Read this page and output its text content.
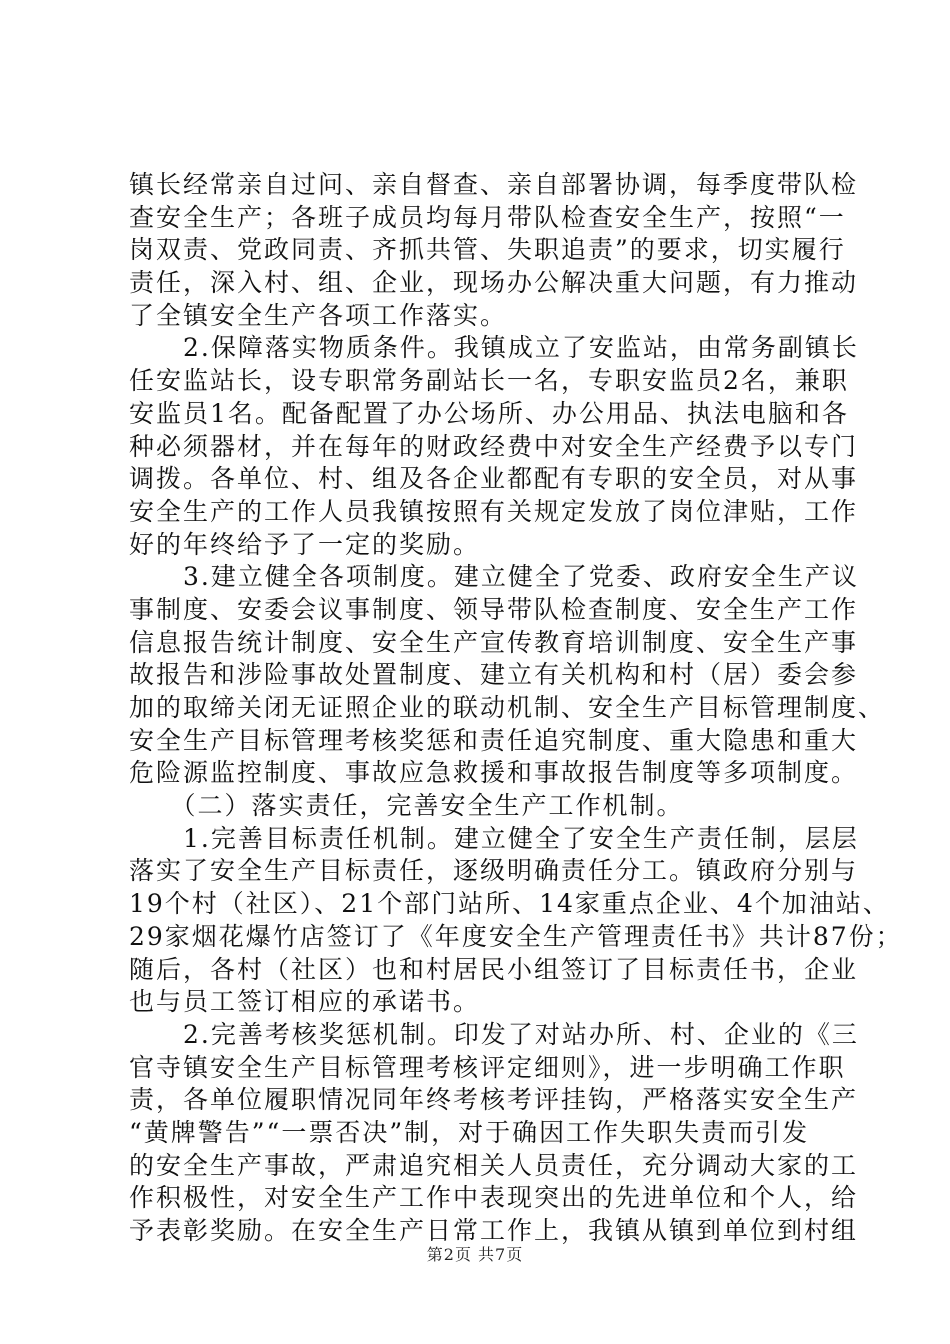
镇长经常亲自过问、亲自督查、亲自部署协调，每季度带队检
查安全生产；各班子成员均每月带队检查安全生产，按照“一
岗双责、党政同责、齐抓共管、失职追责”的要求，切实履行
责任，深入村、组、企业，现场办公解决重大问题，有力推动
了全镇安全生产各项工作落实。
　　2.保障落实物质条件。我镇成立了安监站，由常务副镇长
任安监站长，设专职常务副站长一名，专职安监员2名，兼职
安监员1名。配备配置了办公场所、办公用品、执法电脑和各
种必须器材，并在每年的财政经费中对安全生产经费予以专门
调拨。各单位、村、组及各企业都配有专职的安全员，对从事
安全生产的工作人员我镇按照有关规定发放了岗位津贴，工作
好的年终给予了一定的奖励。
　　3.建立健全各项制度。建立健全了党委、政府安全生产议
事制度、安委会议事制度、领导带队检查制度、安全生产工作
信息报告统计制度、安全生产宣传教育培训制度、安全生产事
故报告和涉险事故处置制度、建立有关机构和村（居）委会参
加的取缔关闭无证照企业的联动机制、安全生产目标管理制度、
安全生产目标管理考核奖惩和责任追究制度、重大隐患和重大
危险源监控制度、事故应急救援和事故报告制度等多项制度。
　　（二）落实责任，完善安全生产工作机制。
　　1.完善目标责任机制。建立健全了安全生产责任制，层层
落实了安全生产目标责任，逐级明确责任分工。镇政府分别与
19个村（社区）、21个部门站所、14家重点企业、4个加油站、
29家烟花爆竹店签订了《年度安全生产管理责任书》共计87份；
随后，各村（社区）也和村居民小组签订了目标责任书，企业
也与员工签订相应的承诺书。
　　2.完善考核奖惩机制。印发了对站办所、村、企业的《三
官寺镇安全生产目标管理考核评定细则》，进一步明确工作职
责，各单位履职情况同年终考核考评挂钩，严格落实安全生产
“黄牌警告”“一票否决”制，对于确因工作失职失责而引发
的安全生产事故，严肃追究相关人员责任，充分调动大家的工
作积极性，对安全生产工作中表现突出的先进单位和个人，给
予表彰奖励。在安全生产日常工作上，我镇从镇到单位到村组
第2页 共7页
